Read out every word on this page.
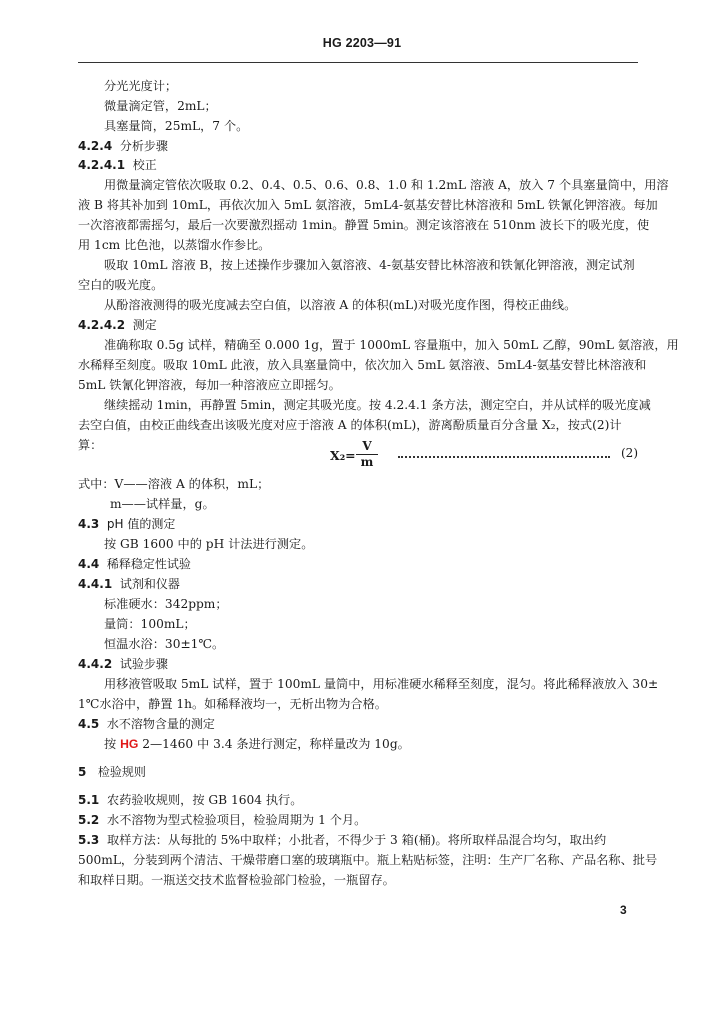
HG 2203—91
分光光度计；
微量滴定管，2mL；
具塞量筒，25mL，7 个。
4.2.4 分析步骤
4.2.4.1 校正
用微量滴定管依次吸取 0.2、0.4、0.5、0.6、0.8、1.0 和 1.2mL 溶液 A，放入 7 个具塞量筒中，用溶
液 B 将其补加到 10mL，再依次加入 5mL 氨溶液，5mL4-氨基安替比林溶液和 5mL 铁氰化钾溶液。每加
一次溶液都需摇匀，最后一次要激烈摇动 1min。静置 5min。测定该溶液在 510nm 波长下的吸光度，使
用 1cm 比色池，以蒸馏水作参比。
吸取 10mL 溶液 B，按上述操作步骤加入氨溶液、4-氨基安替比林溶液和铁氰化钾溶液，测定试剂
空白的吸光度。
从酚溶液测得的吸光度减去空白值，以溶液 A 的体积(mL)对吸光度作图，得校正曲线。
4.2.4.2 测定
准确称取 0.5g 试样，精确至 0.000 1g，置于 1000mL 容量瓶中，加入 50mL 乙醇，90mL 氨溶液，用
水稀释至刻度。吸取 10mL 此液，放入具塞量筒中，依次加入 5mL 氨溶液、5mL4-氨基安替比林溶液和
5mL 铁氰化钾溶液，每加一种溶液应立即摇匀。
继续摇动 1min，再静置 5min，测定其吸光度。按 4.2.4.1 条方法，测定空白，并从试样的吸光度减
去空白值，由校正曲线查出该吸光度对应于溶液 A 的体积(mL)，游离酚质量百分含量 X₂，按式(2)计
算：
X₂=
V
m
(2)
式中：V——溶液 A 的体积，mL；
m——试样量，g。
4.3 pH 值的测定
按 GB 1600 中的 pH 计法进行测定。
4.4 稀释稳定性试验
4.4.1 试剂和仪器
标准硬水：342ppm；
量筒：100mL；
恒温水浴：30±1℃。
4.4.2 试验步骤
用移液管吸取 5mL 试样，置于 100mL 量筒中，用标准硬水稀释至刻度，混匀。将此稀释液放入 30±
1℃水浴中，静置 1h。如稀释液均一，无析出物为合格。
4.5 水不溶物含量的测定
按 HG 2—1460 中 3.4 条进行测定，称样量改为 10g。
5 检验规则
5.1 农药验收规则，按 GB 1604 执行。
5.2 水不溶物为型式检验项目，检验周期为 1 个月。
5.3 取样方法：从每批的 5%中取样；小批者，不得少于 3 箱(桶)。将所取样品混合均匀，取出约
500mL，分装到两个清洁、干燥带磨口塞的玻璃瓶中。瓶上粘贴标签，注明：生产厂名称、产品名称、批号
和取样日期。一瓶送交技术监督检验部门检验，一瓶留存。
3
